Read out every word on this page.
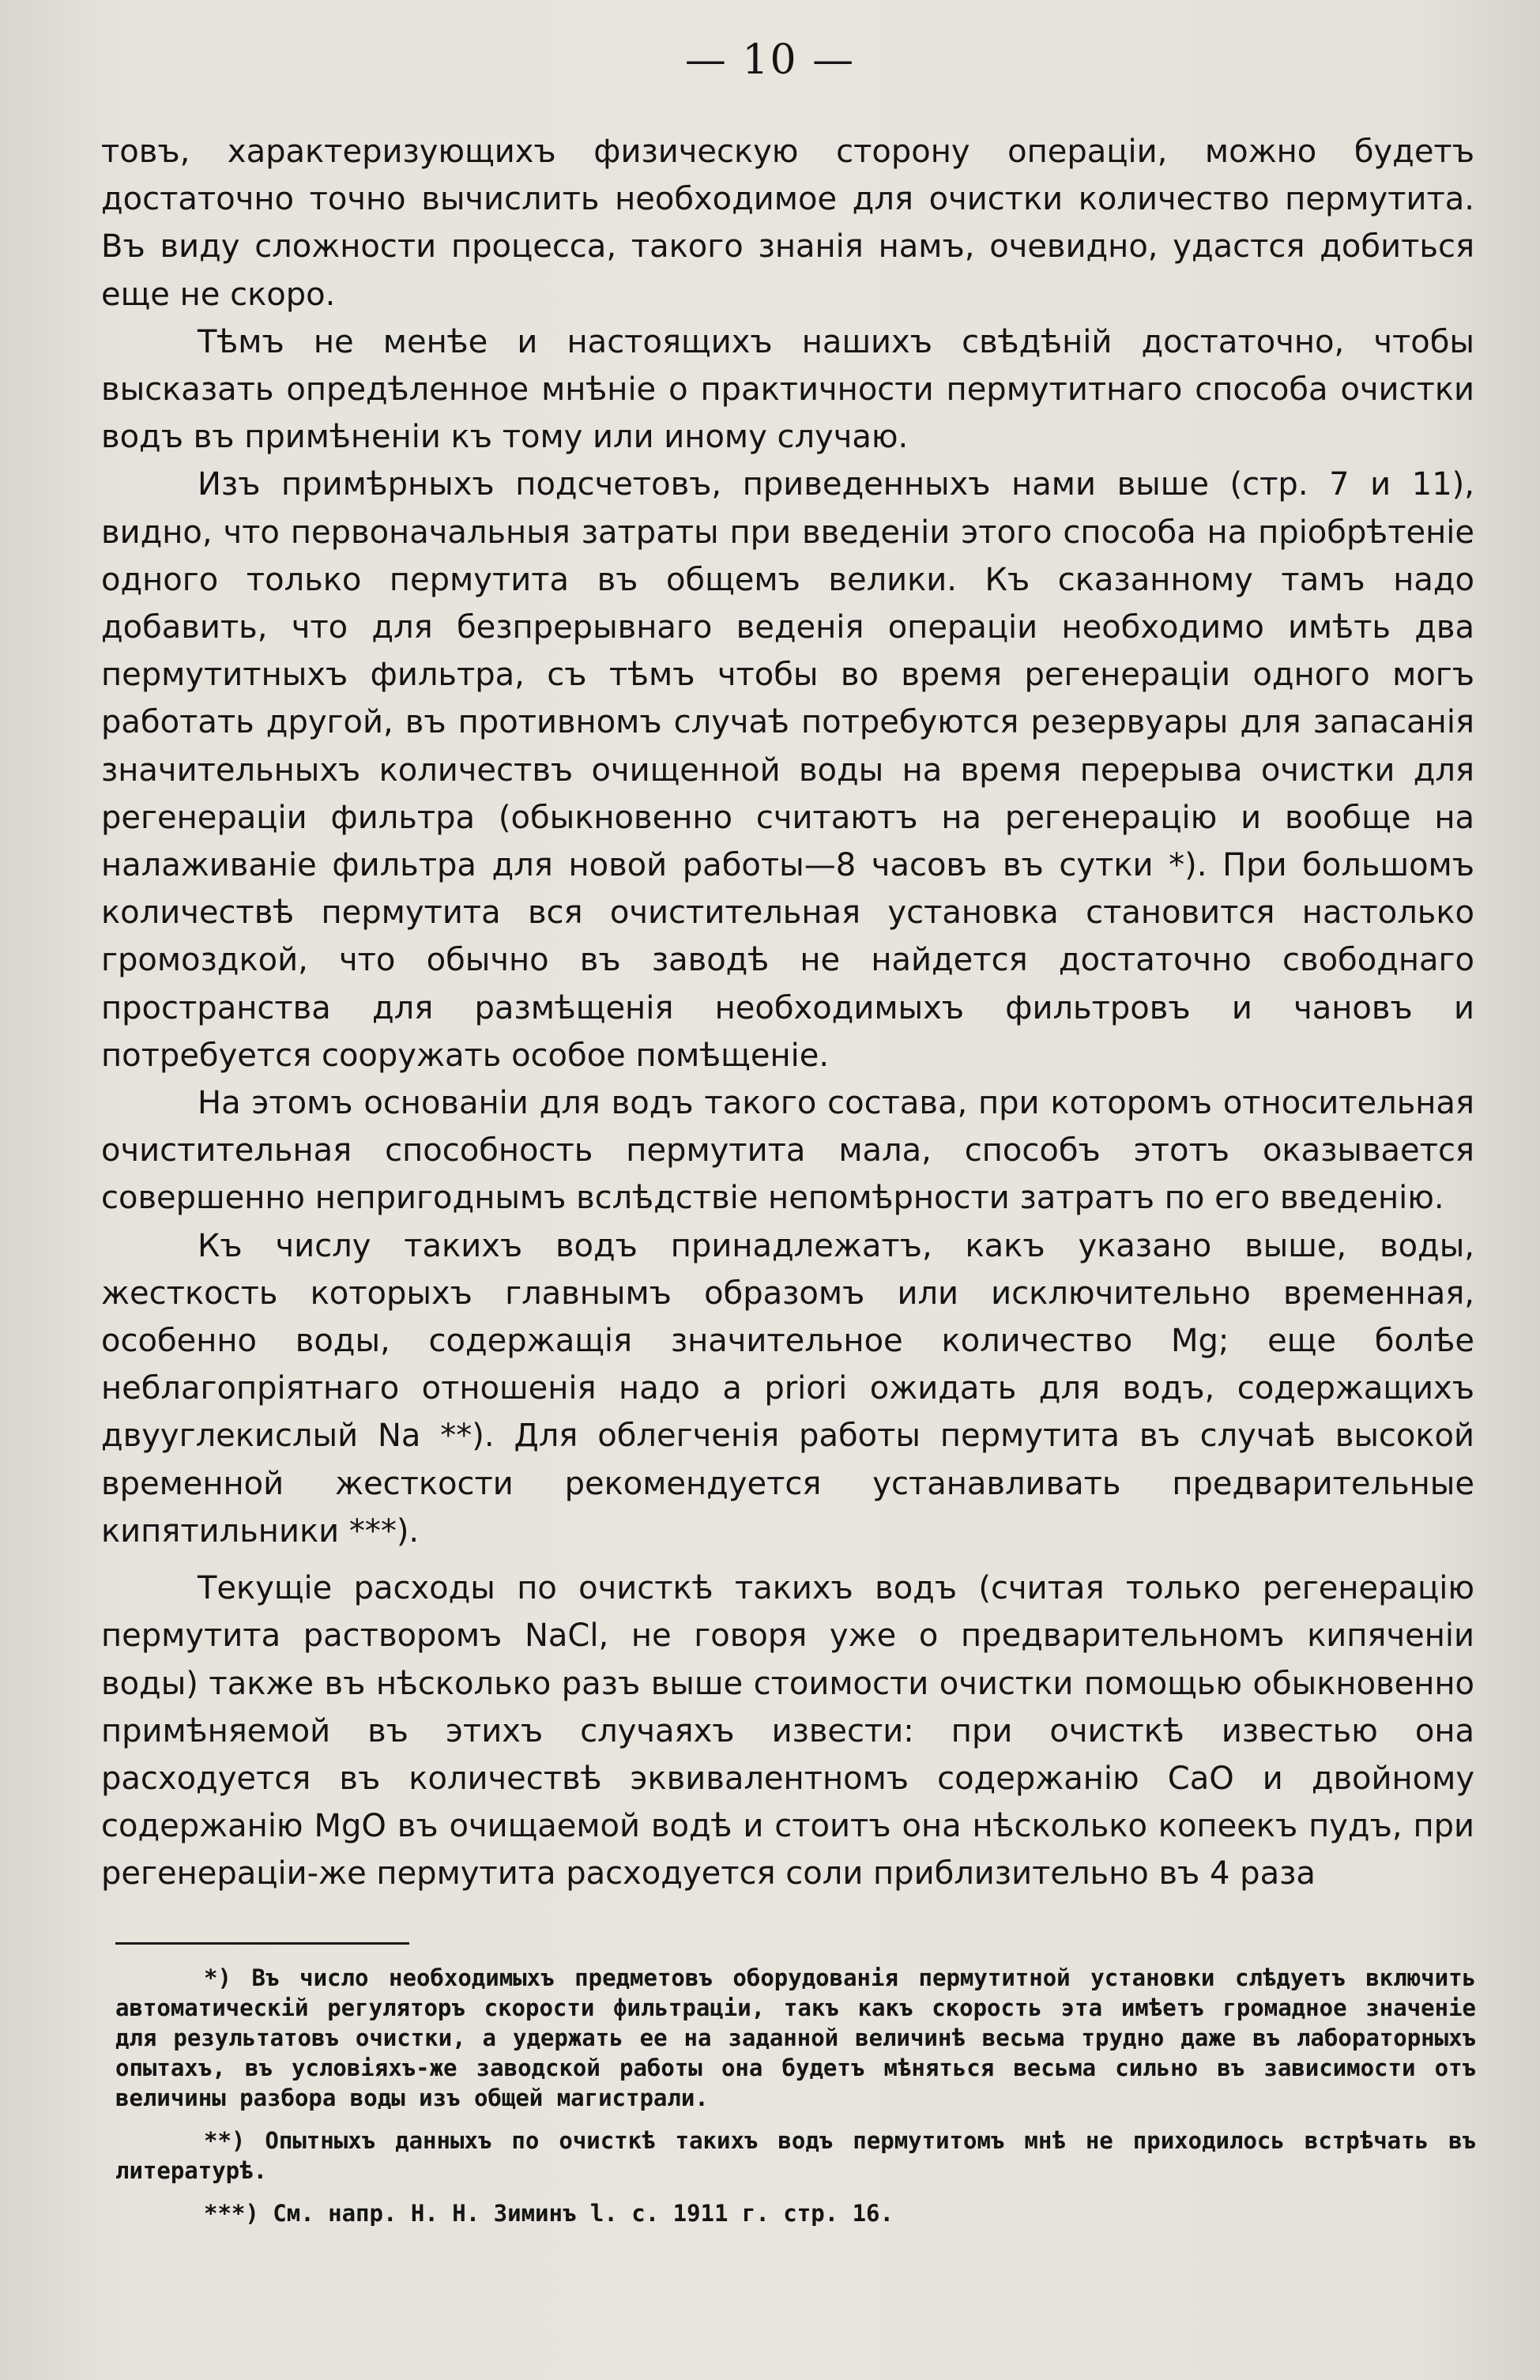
— 10 —

товъ, характеризующихъ физическую сторону операціи, можно будетъ достаточно точно вычислить необходимое для очистки количество пермутита. Въ виду сложности процесса, такого знанія намъ, очевидно, удастся добиться еще не скоро.

Тѣмъ не менѣе и настоящихъ нашихъ свѣдѣній достаточно, чтобы высказать опредѣленное мнѣніе о практичности пермутитнаго способа очистки водъ въ примѣненіи къ тому или иному случаю.

Изъ примѣрныхъ подсчетовъ, приведенныхъ нами выше (стр. 7 и 11), видно, что первоначальныя затраты при введеніи этого способа на пріобрѣтеніе одного только пермутита въ общемъ велики. Къ сказанному тамъ надо добавить, что для безпрерывнаго веденія операціи необходимо имѣть два пермутитныхъ фильтра, съ тѣмъ чтобы во время регенераціи одного могъ работать другой, въ противномъ случаѣ потребуются резервуары для запасанія значительныхъ количествъ очищенной воды на время перерыва очистки для регенераціи фильтра (обыкновенно считаютъ на регенерацію и вообще на налаживаніе фильтра для новой работы—8 часовъ въ сутки *). При большомъ количествѣ пермутита вся очистительная установка становится настолько громоздкой, что обычно въ заводѣ не найдется достаточно свободнаго пространства для размѣщенія необходимыхъ фильтровъ и чановъ и потребуется сооружать особое помѣщеніе.

На этомъ основаніи для водъ такого состава, при которомъ относительная очистительная способность пермутита мала, способъ этотъ оказывается совершенно непригоднымъ вслѣдствіе непомѣрности затратъ по его введенію.

Къ числу такихъ водъ принадлежатъ, какъ указано выше, воды, жесткость которыхъ главнымъ образомъ или исключительно временная, особенно воды, содержащія значительное количество Mg; еще болѣе неблагопріятнаго отношенія надо a priori ожидать для водъ, содержащихъ двууглекислый Na **). Для облегченія работы пермутита въ случаѣ высокой временной жесткости рекомендуется устанавливать предварительные кипятильники ***).

Текущіе расходы по очисткѣ такихъ водъ (считая только регенерацію пермутита растворомъ NaCl, не говоря уже о предварительномъ кипяченіи воды) также въ нѣсколько разъ выше стоимости очистки помощью обыкновенно примѣняемой въ этихъ случаяхъ извести: при очисткѣ известью она расходуется въ количествѣ эквивалентномъ содержанію CaO и двойному содержанію MgO въ очищаемой водѣ и стоитъ она нѣсколько копеекъ пудъ, при регенераціи-же пермутита расходуется соли приблизительно въ 4 раза

*) Въ число необходимыхъ предметовъ оборудованія пермутитной установки слѣдуетъ включить автоматическій регуляторъ скорости фильтраціи, такъ какъ скорость эта имѣетъ громадное значеніе для результатовъ очистки, а удержать ее на заданной величинѣ весьма трудно даже въ лабораторныхъ опытахъ, въ условіяхъ-же заводской работы она будетъ мѣняться весьма сильно въ зависимости отъ величины разбора воды изъ общей магистрали.

**) Опытныхъ данныхъ по очисткѣ такихъ водъ пермутитомъ мнѣ не приходилось встрѣчать въ литературѣ.

***) См. напр. Н. Н. Зиминъ l. c. 1911 г. стр. 16.
